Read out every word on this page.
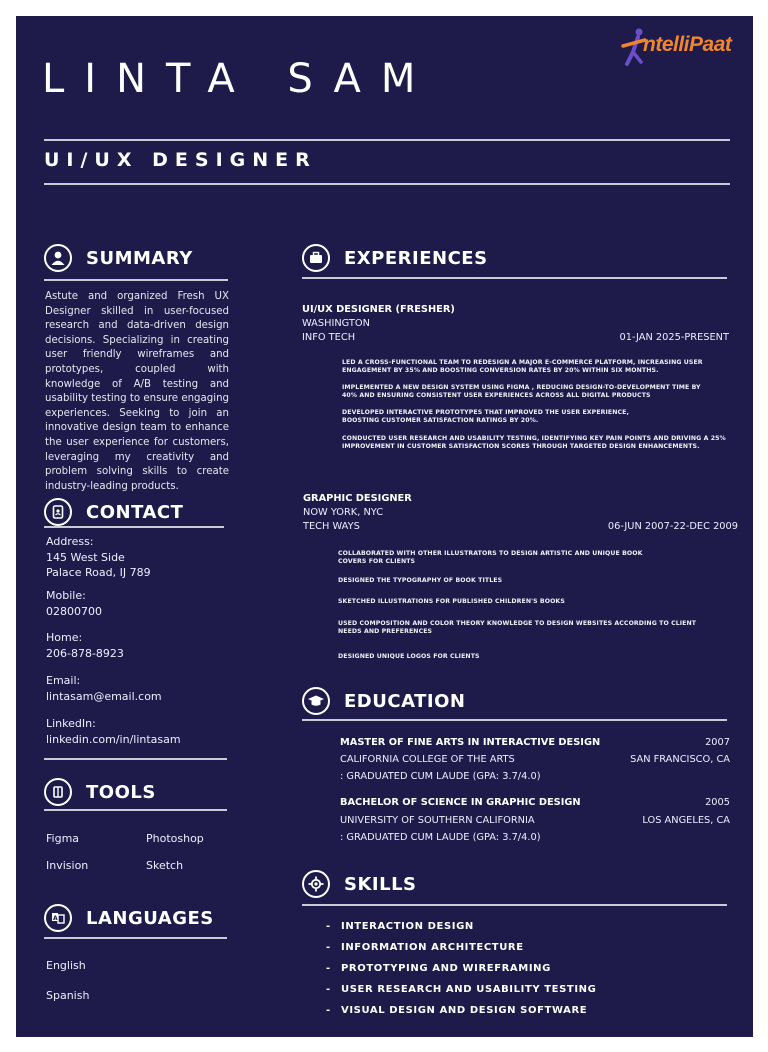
ntelliPaat
LINTA SAM
UI/UX DESIGNER
SUMMARY
Astute and organized Fresh UX Designer skilled in user-focused research and data-driven design decisions. Specializing in creating user friendly wireframes and prototypes, coupled with knowledge of A/B testing and usability testing to ensure engaging experiences. Seeking to join an innovative design team to enhance the user experience for customers, leveraging my creativity and problem solving skills to create industry-leading products.
CONTACT
Address:
145 West Side
Palace Road, IJ 789
Mobile:
02800700
Home:
206-878-8923
Email:
lintasam@email.com
LinkedIn:
linkedin.com/in/lintasam
TOOLS
Figma	Photoshop
Invision	Sketch
A LANGUAGES
English
Spanish
EXPERIENCES
UI/UX DESIGNER (FRESHER)
WASHINGTON
INFO TECH	01-JAN 2025-PRESENT
LED A CROSS-FUNCTIONAL TEAM TO REDESIGN A MAJOR E-COMMERCE PLATFORM, INCREASING USER ENGAGEMENT BY 35% AND BOOSTING CONVERSION RATES BY 20% WITHIN SIX MONTHS.
IMPLEMENTED A NEW DESIGN SYSTEM USING FIGMA , REDUCING DESIGN-TO-DEVELOPMENT TIME BY 40% AND ENSURING CONSISTENT USER EXPERIENCES ACROSS ALL DIGITAL PRODUCTS
DEVELOPED INTERACTIVE PROTOTYPES THAT IMPROVED THE USER EXPERIENCE, BOOSTING CUSTOMER SATISFACTION RATINGS BY 20%.
CONDUCTED USER RESEARCH AND USABILITY TESTING, IDENTIFYING KEY PAIN POINTS AND DRIVING A 25% IMPROVEMENT IN CUSTOMER SATISFACTION SCORES THROUGH TARGETED DESIGN ENHANCEMENTS.
GRAPHIC DESIGNER
NOW YORK, NYC
TECH WAYS	06-JUN 2007-22-DEC 2009
COLLABORATED WITH OTHER ILLUSTRATORS TO DESIGN ARTISTIC AND UNIQUE BOOK COVERS FOR CLIENTS
DESIGNED THE TYPOGRAPHY OF BOOK TITLES
SKETCHED ILLUSTRATIONS FOR PUBLISHED CHILDREN'S BOOKS
USED COMPOSITION AND COLOR THEORY KNOWLEDGE TO DESIGN WEBSITES ACCORDING TO CLIENT NEEDS AND PREFERENCES
DESIGNED UNIQUE LOGOS FOR CLIENTS
EDUCATION
MASTER OF FINE ARTS IN INTERACTIVE DESIGN	2007
CALIFORNIA COLLEGE OF THE ARTS	SAN FRANCISCO, CA
: GRADUATED CUM LAUDE (GPA: 3.7/4.0)
BACHELOR OF SCIENCE IN GRAPHIC DESIGN	2005
UNIVERSITY OF SOUTHERN CALIFORNIA	LOS ANGELES, CA
: GRADUATED CUM LAUDE (GPA: 3.7/4.0)
SKILLS
- INTERACTION DESIGN
- INFORMATION ARCHITECTURE
- PROTOTYPING AND WIREFRAMING
- USER RESEARCH AND USABILITY TESTING
- VISUAL DESIGN AND DESIGN SOFTWARE
